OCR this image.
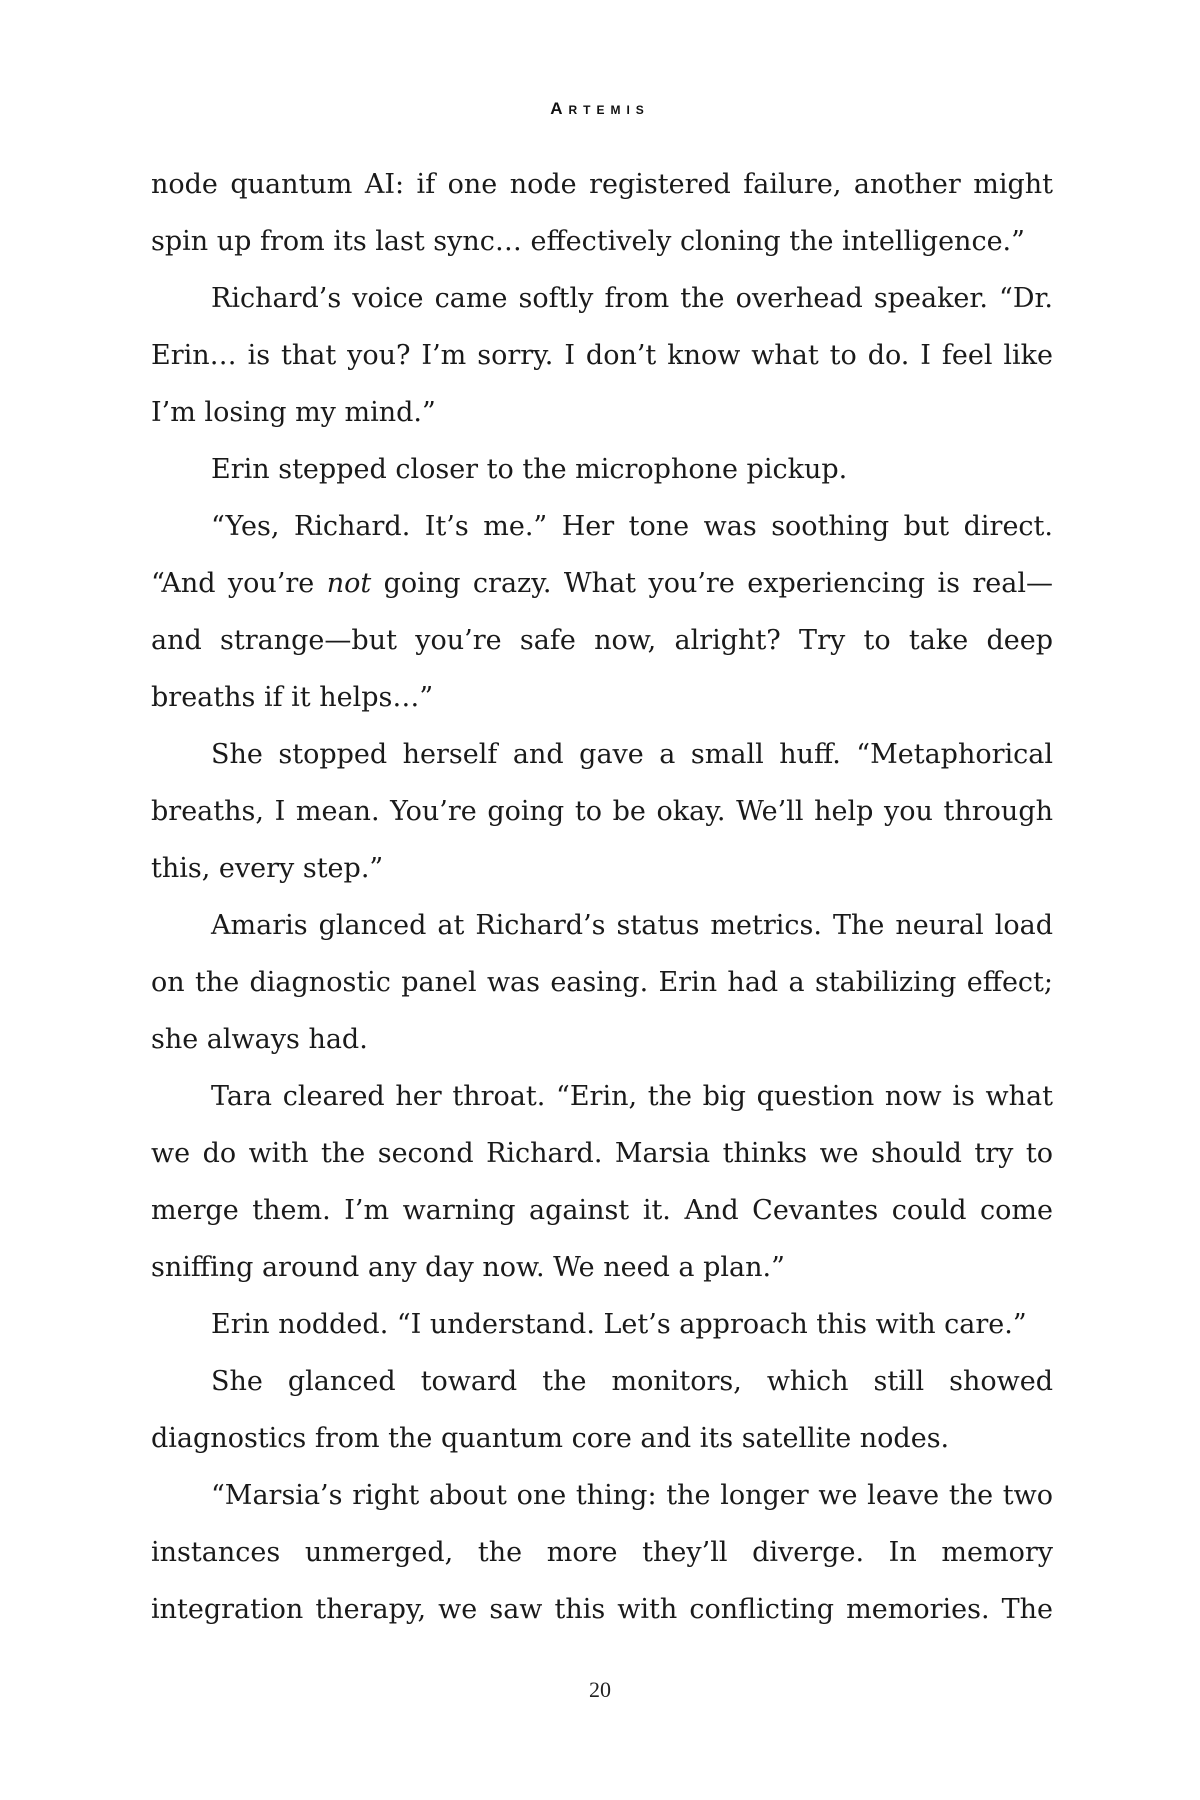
Artemis

node quantum AI: if one node registered failure, another might spin up from its last sync… effectively cloning the intelligence.”

Richard’s voice came softly from the overhead speaker. “Dr. Erin… is that you? I’m sorry. I don’t know what to do. I feel like I’m losing my mind.”

Erin stepped closer to the microphone pickup.

“Yes, Richard. It’s me.” Her tone was soothing but direct. “And you’re not going crazy. What you’re experiencing is real—and strange—but you’re safe now, alright? Try to take deep breaths if it helps…”

She stopped herself and gave a small huff. “Metaphorical breaths, I mean. You’re going to be okay. We’ll help you through this, every step.”

Amaris glanced at Richard’s status metrics. The neural load on the diagnostic panel was easing. Erin had a stabilizing effect; she always had.

Tara cleared her throat. “Erin, the big question now is what we do with the second Richard. Marsia thinks we should try to merge them. I’m warning against it. And Cevantes could come sniffing around any day now. We need a plan.”

Erin nodded. “I understand. Let’s approach this with care.”

She glanced toward the monitors, which still showed diagnostics from the quantum core and its satellite nodes.

“Marsia’s right about one thing: the longer we leave the two instances unmerged, the more they’ll diverge. In memory integration therapy, we saw this with conflicting memories. The

20
